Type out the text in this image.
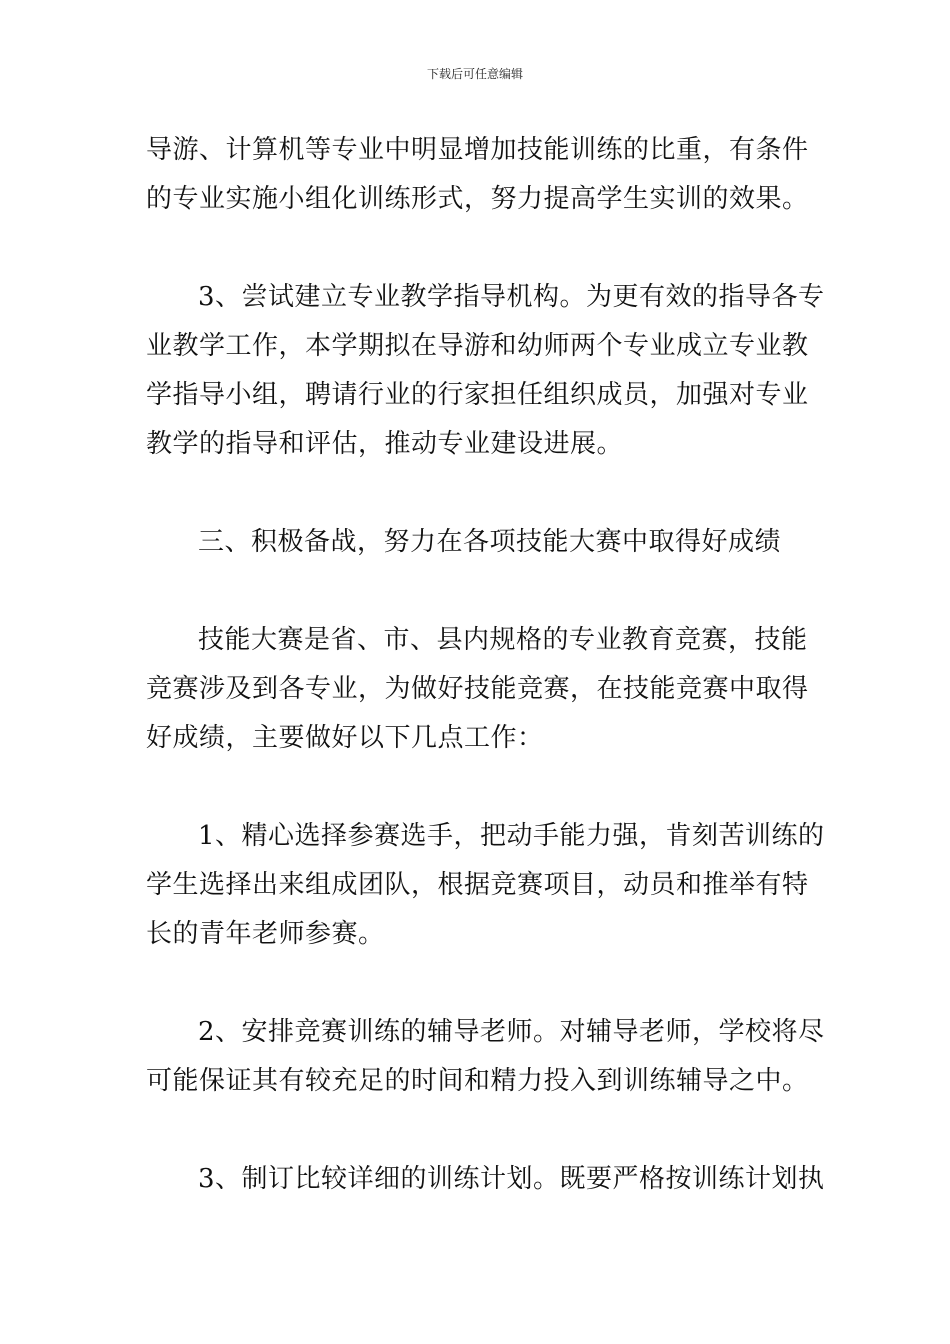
下载后可任意编辑
导游、计算机等专业中明显增加技能训练的比重，有条件
的专业实施小组化训练形式，努力提高学生实训的效果。
3、尝试建立专业教学指导机构。为更有效的指导各专
业教学工作，本学期拟在导游和幼师两个专业成立专业教
学指导小组，聘请行业的行家担任组织成员，加强对专业
教学的指导和评估，推动专业建设进展。
三、积极备战，努力在各项技能大赛中取得好成绩
技能大赛是省、市、县内规格的专业教育竞赛，技能
竞赛涉及到各专业，为做好技能竞赛，在技能竞赛中取得
好成绩，主要做好以下几点工作：
1、精心选择参赛选手，把动手能力强，肯刻苦训练的
学生选择出来组成团队，根据竞赛项目，动员和推举有特
长的青年老师参赛。
2、安排竞赛训练的辅导老师。对辅导老师，学校将尽
可能保证其有较充足的时间和精力投入到训练辅导之中。
3、制订比较详细的训练计划。既要严格按训练计划执
